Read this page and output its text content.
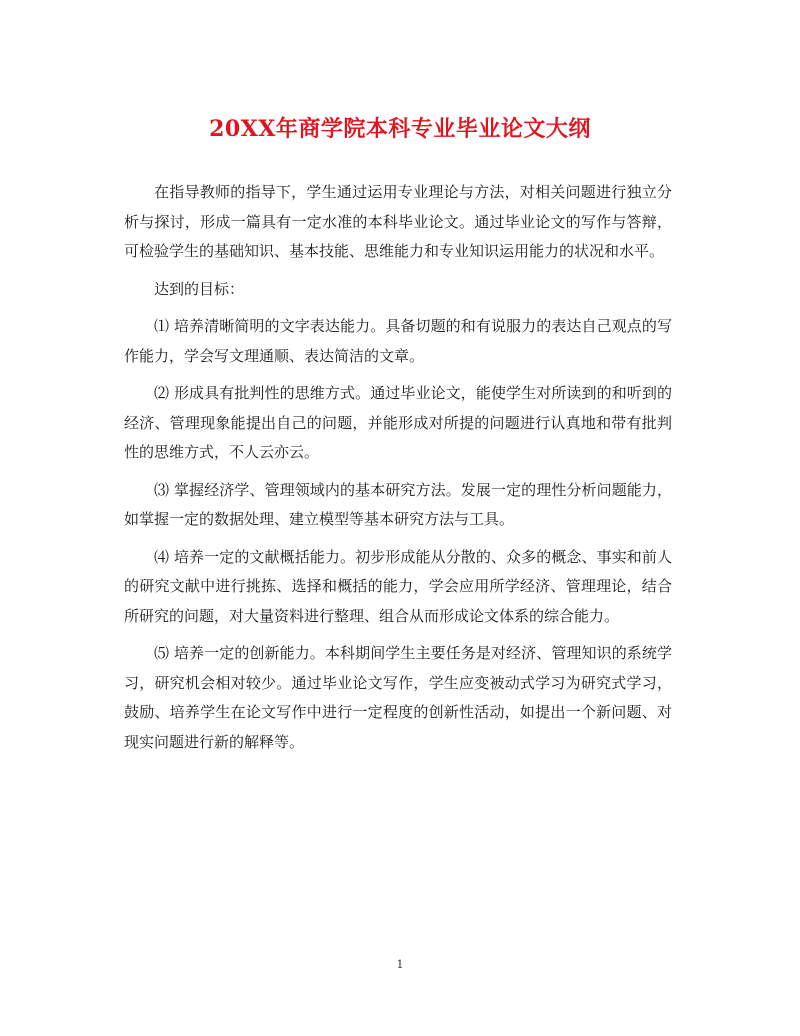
20XX年商学院本科专业毕业论文大纲

在指导教师的指导下，学生通过运用专业理论与方法，对相关问题进行独立分析与探讨，形成一篇具有一定水准的本科毕业论文。通过毕业论文的写作与答辩，可检验学生的基础知识、基本技能、思维能力和专业知识运用能力的状况和水平。

达到的目标：

⑴ 培养清晰简明的文字表达能力。具备切题的和有说服力的表达自己观点的写作能力，学会写文理通顺、表达简洁的文章。

⑵ 形成具有批判性的思维方式。通过毕业论文，能使学生对所读到的和听到的经济、管理现象能提出自己的问题，并能形成对所提的问题进行认真地和带有批判性的思维方式，不人云亦云。

⑶ 掌握经济学、管理领域内的基本研究方法。发展一定的理性分析问题能力，如掌握一定的数据处理、建立模型等基本研究方法与工具。

⑷ 培养一定的文献概括能力。初步形成能从分散的、众多的概念、事实和前人的研究文献中进行挑拣、选择和概括的能力，学会应用所学经济、管理理论，结合所研究的问题，对大量资料进行整理、组合从而形成论文体系的综合能力。

⑸ 培养一定的创新能力。本科期间学生主要任务是对经济、管理知识的系统学习，研究机会相对较少。通过毕业论文写作，学生应变被动式学习为研究式学习，鼓励、培养学生在论文写作中进行一定程度的创新性活动，如提出一个新问题、对现实问题进行新的解释等。

1
